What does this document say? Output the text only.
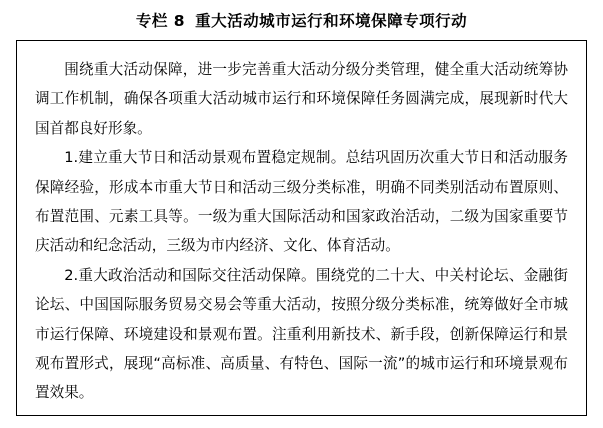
专栏 8 重大活动城市运行和环境保障专项行动

围绕重大活动保障，进一步完善重大活动分级分类管理，健全重大活动统筹协调工作机制，确保各项重大活动城市运行和环境保障任务圆满完成，展现新时代大国首都良好形象。

1.建立重大节日和活动景观布置稳定规制。总结巩固历次重大节日和活动服务保障经验，形成本市重大节日和活动三级分类标准，明确不同类别活动布置原则、布置范围、元素工具等。一级为重大国际活动和国家政治活动，二级为国家重要节庆活动和纪念活动，三级为市内经济、文化、体育活动。

2.重大政治活动和国际交往活动保障。围绕党的二十大、中关村论坛、金融街论坛、中国国际服务贸易交易会等重大活动，按照分级分类标准，统筹做好全市城市运行保障、环境建设和景观布置。注重利用新技术、新手段，创新保障运行和景观布置形式，展现“高标准、高质量、有特色、国际一流”的城市运行和环境景观布置效果。
